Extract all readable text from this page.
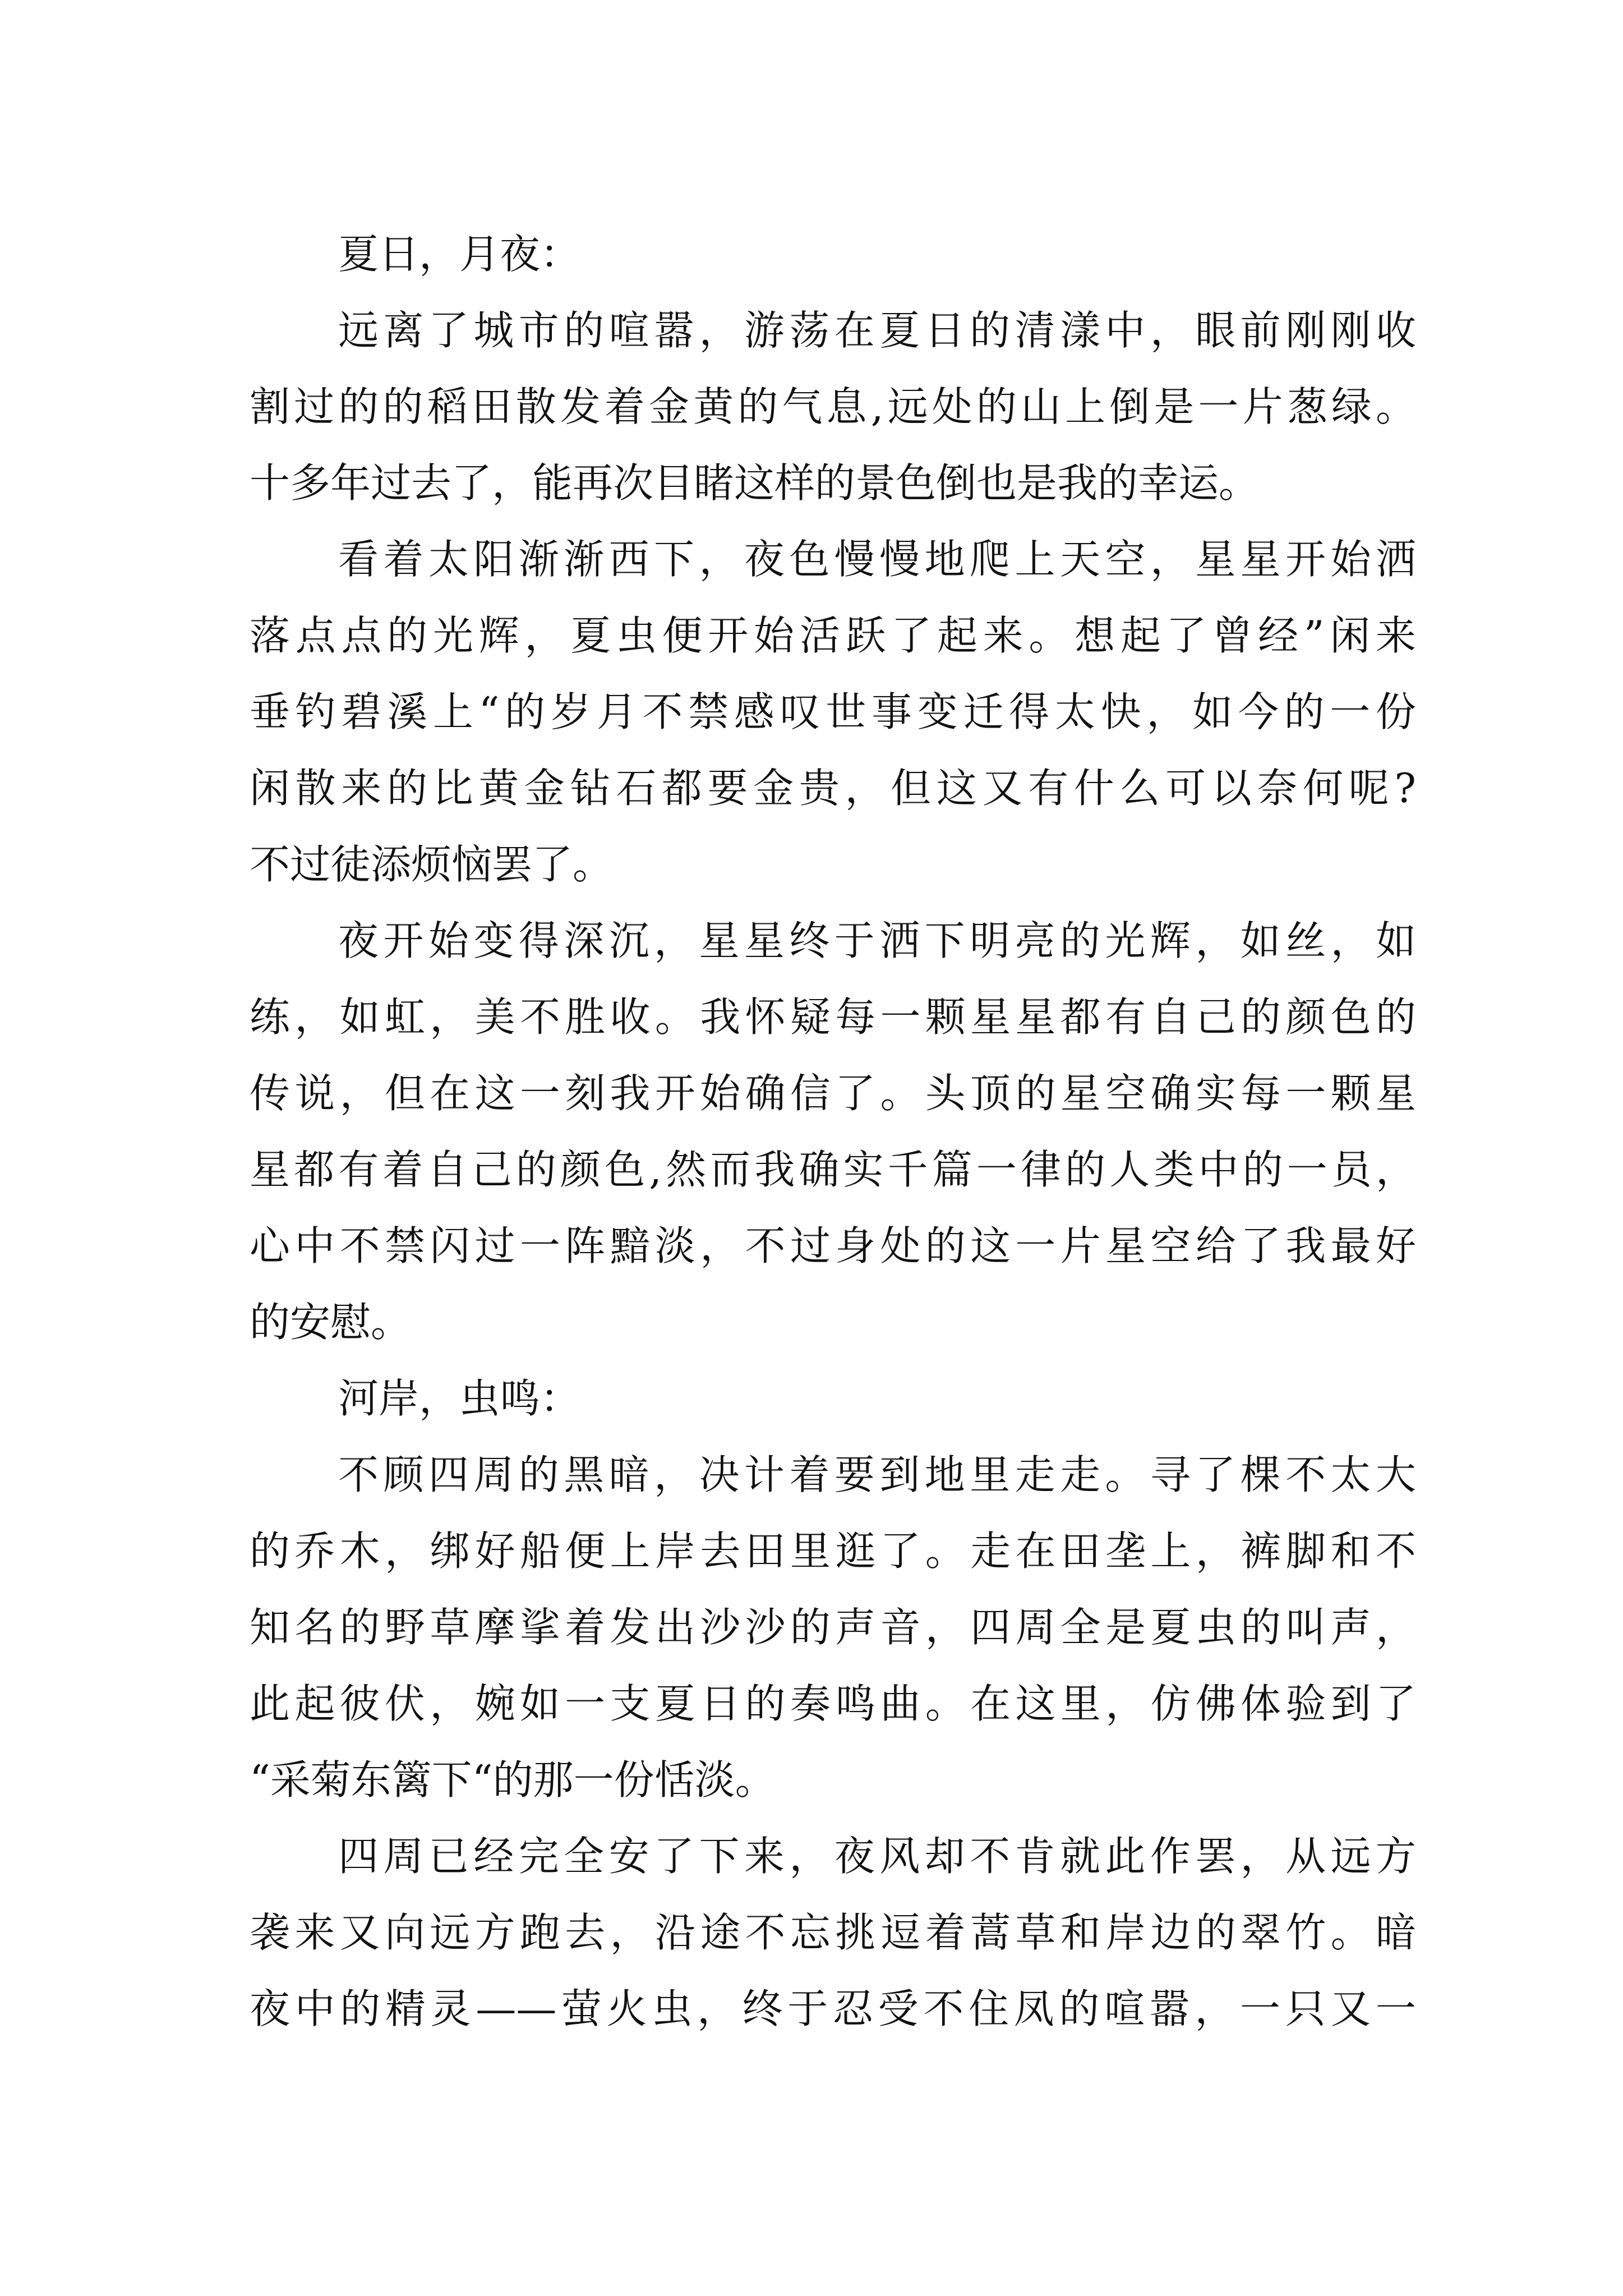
夏日，月夜：
远离了城市的喧嚣，游荡在夏日的清漾中，眼前刚刚收
割过的的稻田散发着金黄的气息,远处的山上倒是一片葱绿。
十多年过去了，能再次目睹这样的景色倒也是我的幸运。
看着太阳渐渐西下，夜色慢慢地爬上天空，星星开始洒
落点点的光辉，夏虫便开始活跃了起来。想起了曾经”闲来
垂钓碧溪上“的岁月不禁感叹世事变迁得太快，如今的一份
闲散来的比黄金钻石都要金贵，但这又有什么可以奈何呢?
不过徒添烦恼罢了。
夜开始变得深沉，星星终于洒下明亮的光辉，如丝，如
练，如虹，美不胜收。我怀疑每一颗星星都有自己的颜色的
传说，但在这一刻我开始确信了。头顶的星空确实每一颗星
星都有着自己的颜色,然而我确实千篇一律的人类中的一员，
心中不禁闪过一阵黯淡，不过身处的这一片星空给了我最好
的安慰。
河岸，虫鸣：
不顾四周的黑暗，决计着要到地里走走。寻了棵不太大
的乔木，绑好船便上岸去田里逛了。走在田垄上，裤脚和不
知名的野草摩挲着发出沙沙的声音，四周全是夏虫的叫声，
此起彼伏，婉如一支夏日的奏鸣曲。在这里，仿佛体验到了
“采菊东篱下“的那一份恬淡。
四周已经完全安了下来，夜风却不肯就此作罢，从远方
袭来又向远方跑去，沿途不忘挑逗着蒿草和岸边的翠竹。暗
夜中的精灵——萤火虫，终于忍受不住凤的喧嚣，一只又一
